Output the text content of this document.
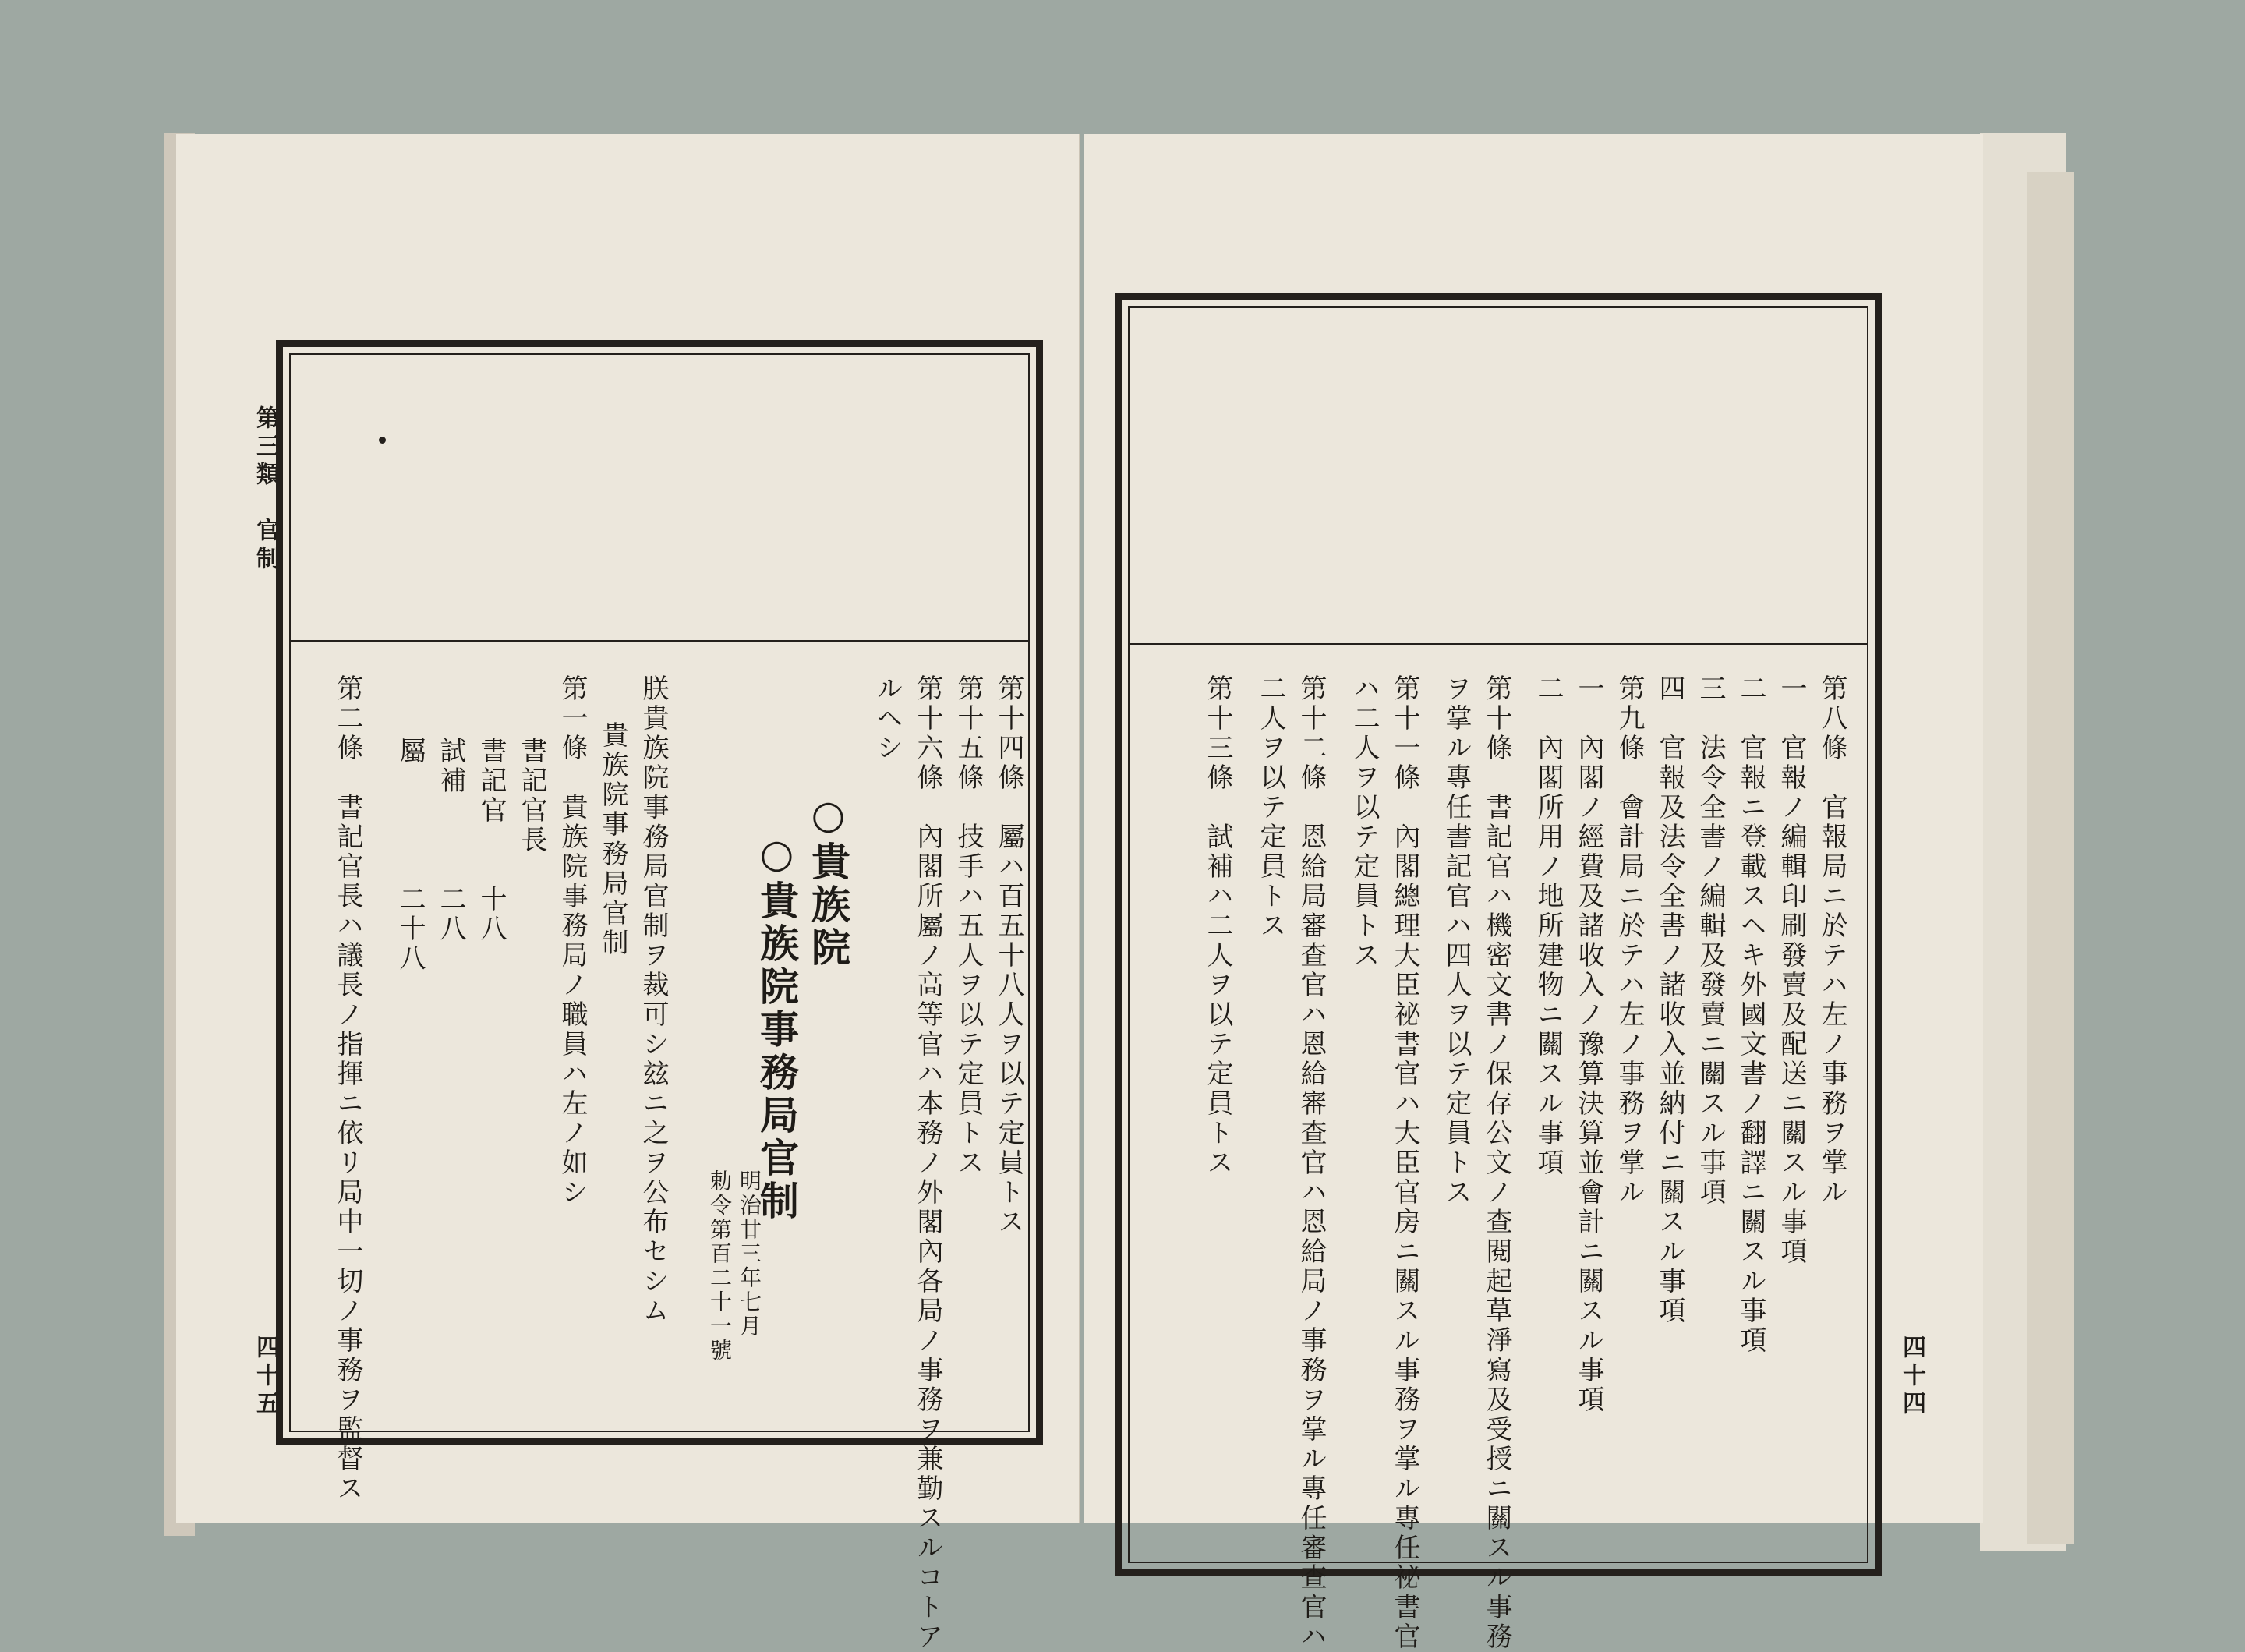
第三類　官制
四十五
第十四條　屬ハ百五十八人ヲ以テ定員トス
第十五條　技手ハ五人ヲ以テ定員トス
第十六條　內閣所屬ノ高等官ハ本務ノ外閣內各局ノ事務ヲ兼勤スルコトア
ルヘシ
○貴族院
○貴族院事務局官制
明治廿三年七月
勅令第百二十一號
朕貴族院事務局官制ヲ裁可シ玆ニ之ヲ公布セシム
貴族院事務局官制
第一條　貴族院事務局ノ職員ハ左ノ如シ
書記官長
書記官　　十八
試補　　　二八
屬　　　　二十八
第二條　書記官長ハ議長ノ指揮ニ依リ局中一切ノ事務ヲ監督ス	四十四
第八條　官報局ニ於テハ左ノ事務ヲ掌ル
一　官報ノ編輯印刷發賣及配送ニ關スル事項
二　官報ニ登載スヘキ外國文書ノ翻譯ニ關スル事項
三　法令全書ノ編輯及發賣ニ關スル事項
四　官報及法令全書ノ諸收入並納付ニ關スル事項
第九條　會計局ニ於テハ左ノ事務ヲ掌ル
一　內閣ノ經費及諸收入ノ豫算決算並會計ニ關スル事項
二　內閣所用ノ地所建物ニ關スル事項
第十條　書記官ハ機密文書ノ保存公文ノ查閱起草淨寫及受授ニ關スル事務
ヲ掌ル專任書記官ハ四人ヲ以テ定員トス
第十一條　內閣總理大臣祕書官ハ大臣官房ニ關スル事務ヲ掌ル專任祕書官
ハ二人ヲ以テ定員トス
第十二條　恩給局審查官ハ恩給審查官ハ恩給局ノ事務ヲ掌ル專任審查官ハ
二人ヲ以テ定員トス
第十三條　試補ハ二人ヲ以テ定員トス
